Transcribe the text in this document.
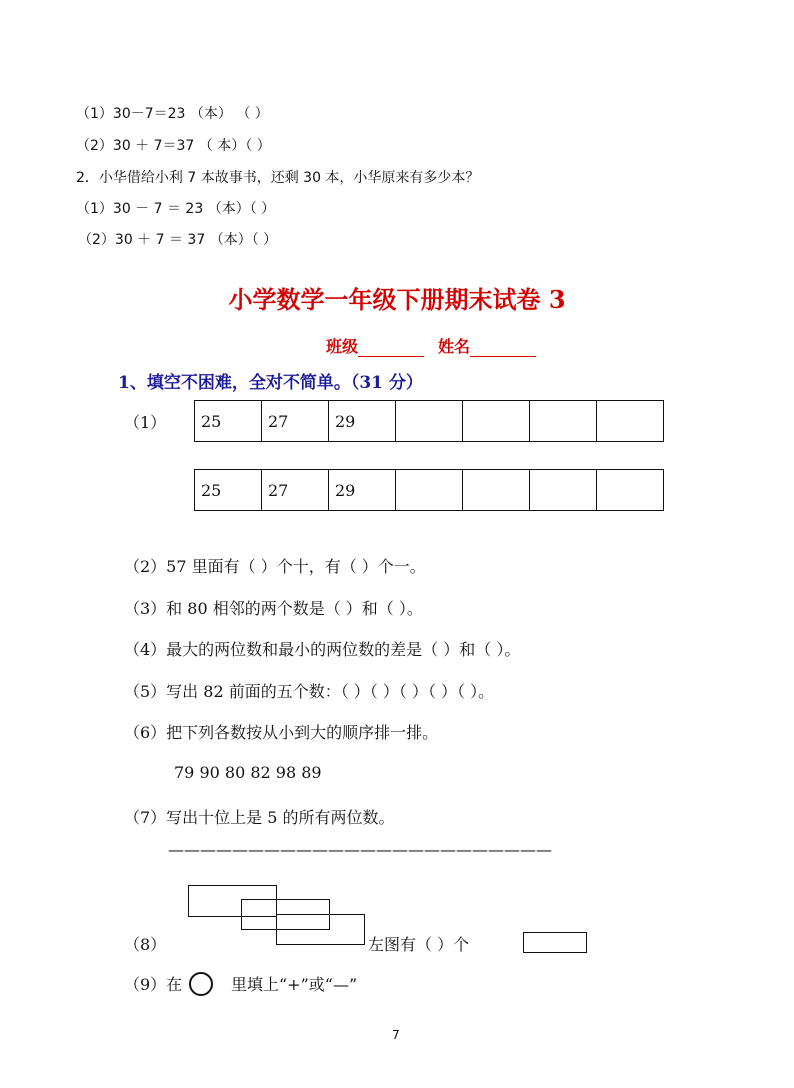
（1）30－7＝23 （本） （ ）
（2）30 ＋ 7＝37 （ 本）（ ）
2．小华借给小利 7 本故事书，还剩 30 本，小华原来有多少本？
（1）30 － 7 ＝ 23 （本）（ ）
（2）30 ＋ 7 ＝ 37 （本）（ ）
小学数学一年级下册期末试卷 3
班级	姓名
1、填空不困难，全对不简单。（31 分）
（1） 25	27	29				
25	27	29				
（2）57 里面有（ ）个十，有（ ）个一。
（3）和 80 相邻的两个数是（ ）和（ ）。
（4）最大的两位数和最小的两位数的差是（ ）和（ ）。
（5）写出 82 前面的五个数：（ ）（ ）（ ）（ ）（ ）。
（6）把下列各数按从小到大的顺序排一排。
79 90 80 82 98 89
（7）写出十位上是 5 的所有两位数。
————————————————————————
（8）	左图有（ ）个
（9）在	里填上“+”或“—”
7
